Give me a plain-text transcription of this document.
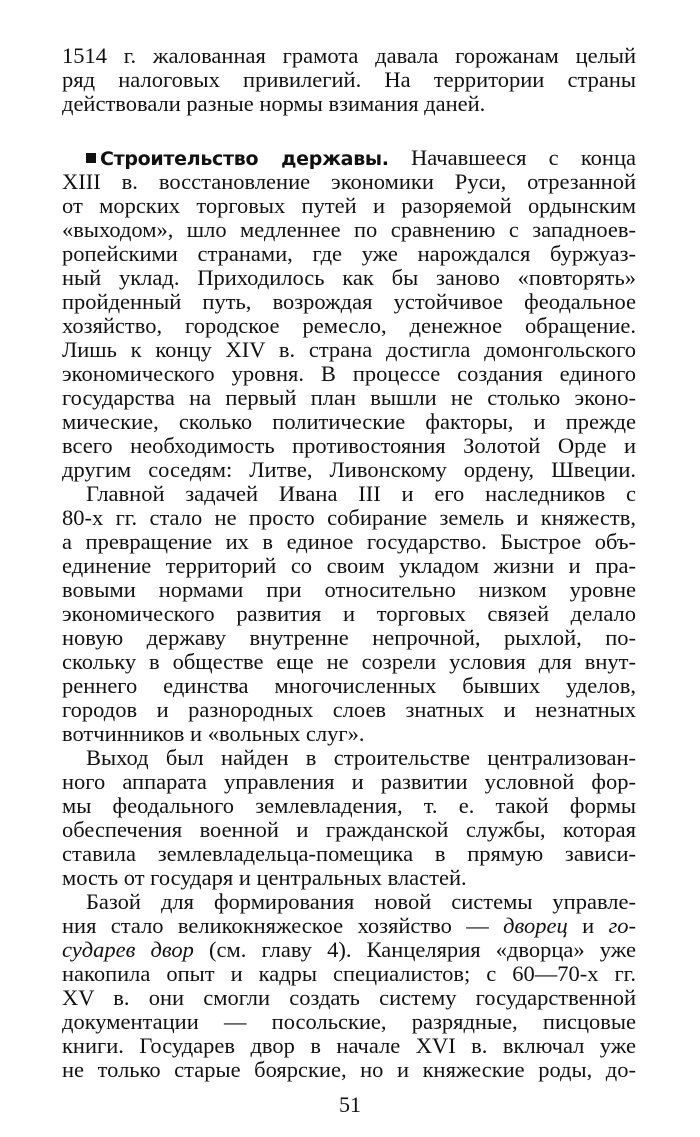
1514 г. жалованная грамота давала горожанам целый
ряд налоговых привилегий. На территории страны
действовали разные нормы взимания даней.
Строительство державы. Начавшееся с конца
XIII в. восстановление экономики Руси, отрезанной
от морских торговых путей и разоряемой ордынским
«выходом», шло медленнее по сравнению с западноев-
ропейскими странами, где уже нарождался буржуаз-
ный уклад. Приходилось как бы заново «повторять»
пройденный путь, возрождая устойчивое феодальное
хозяйство, городское ремесло, денежное обращение.
Лишь к концу XIV в. страна достигла домонгольского
экономического уровня. В процессе создания единого
государства на первый план вышли не столько эконо-
мические, сколько политические факторы, и прежде
всего необходимость противостояния Золотой Орде и
другим соседям: Литве, Ливонскому ордену, Швеции.
Главной задачей Ивана III и его наследников с
80-х гг. стало не просто собирание земель и княжеств,
а превращение их в единое государство. Быстрое объ-
единение территорий со своим укладом жизни и пра-
вовыми нормами при относительно низком уровне
экономического развития и торговых связей делало
новую державу внутренне непрочной, рыхлой, по-
скольку в обществе еще не созрели условия для внут-
реннего единства многочисленных бывших уделов,
городов и разнородных слоев знатных и незнатных
вотчинников и «вольных слуг».
Выход был найден в строительстве централизован-
ного аппарата управления и развитии условной фор-
мы феодального землевладения, т. е. такой формы
обеспечения военной и гражданской службы, которая
ставила землевладельца-помещика в прямую зависи-
мость от государя и центральных властей.
Базой для формирования новой системы управле-
ния стало великокняжеское хозяйство — дворец и го-
сударев двор (см. главу 4). Канцелярия «дворца» уже
накопила опыт и кадры специалистов; с 60—70-х гг.
XV в. они смогли создать систему государственной
документации — посольские, разрядные, писцовые
книги. Государев двор в начале XVI в. включал уже
не только старые боярские, но и княжеские роды, до-
51
